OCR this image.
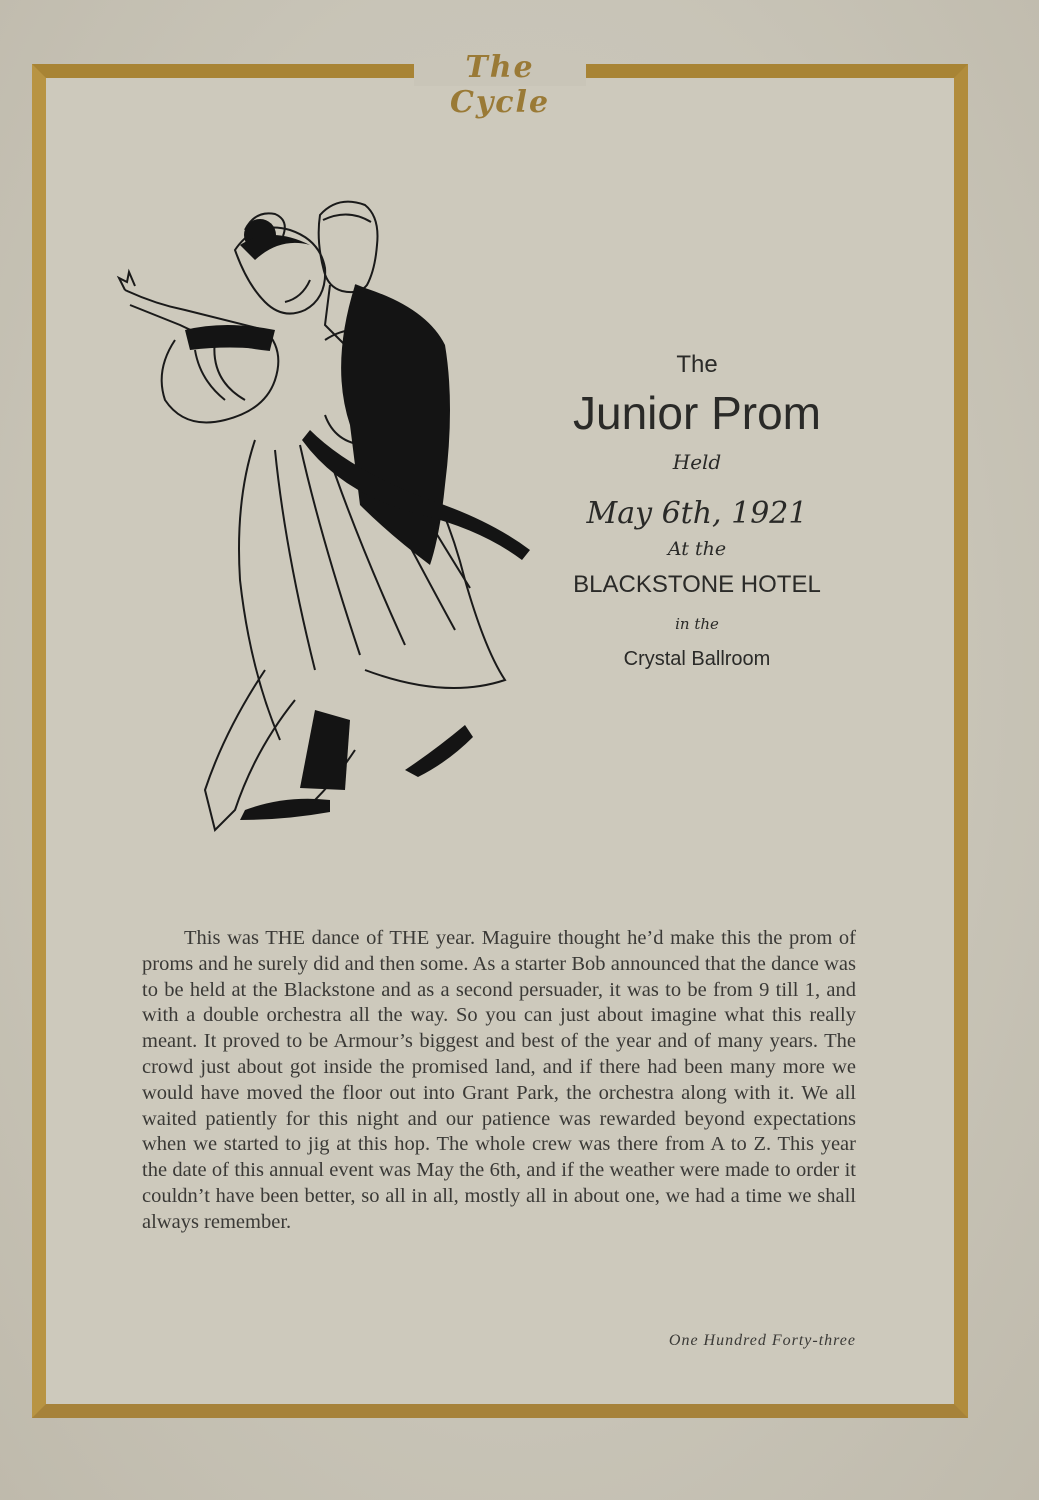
The Cycle

The

Junior Prom

Held

May 6th, 1921

At the

BLACKSTONE HOTEL

in the

Crystal Ballroom

This was THE dance of THE year. Maguire thought he’d make this the prom of proms and he surely did and then some. As a starter Bob announced that the dance was to be held at the Blackstone and as a second persuader, it was to be from 9 till 1, and with a double orchestra all the way. So you can just about imagine what this really meant. It proved to be Armour’s biggest and best of the year and of many years. The crowd just about got inside the promised land, and if there had been many more we would have moved the floor out into Grant Park, the orchestra along with it. We all waited patiently for this night and our patience was rewarded beyond expectations when we started to jig at this hop. The whole crew was there from A to Z. This year the date of this annual event was May the 6th, and if the weather were made to order it couldn’t have been better, so all in all, mostly all in about one, we had a time we shall always remember.

One Hundred Forty-three
